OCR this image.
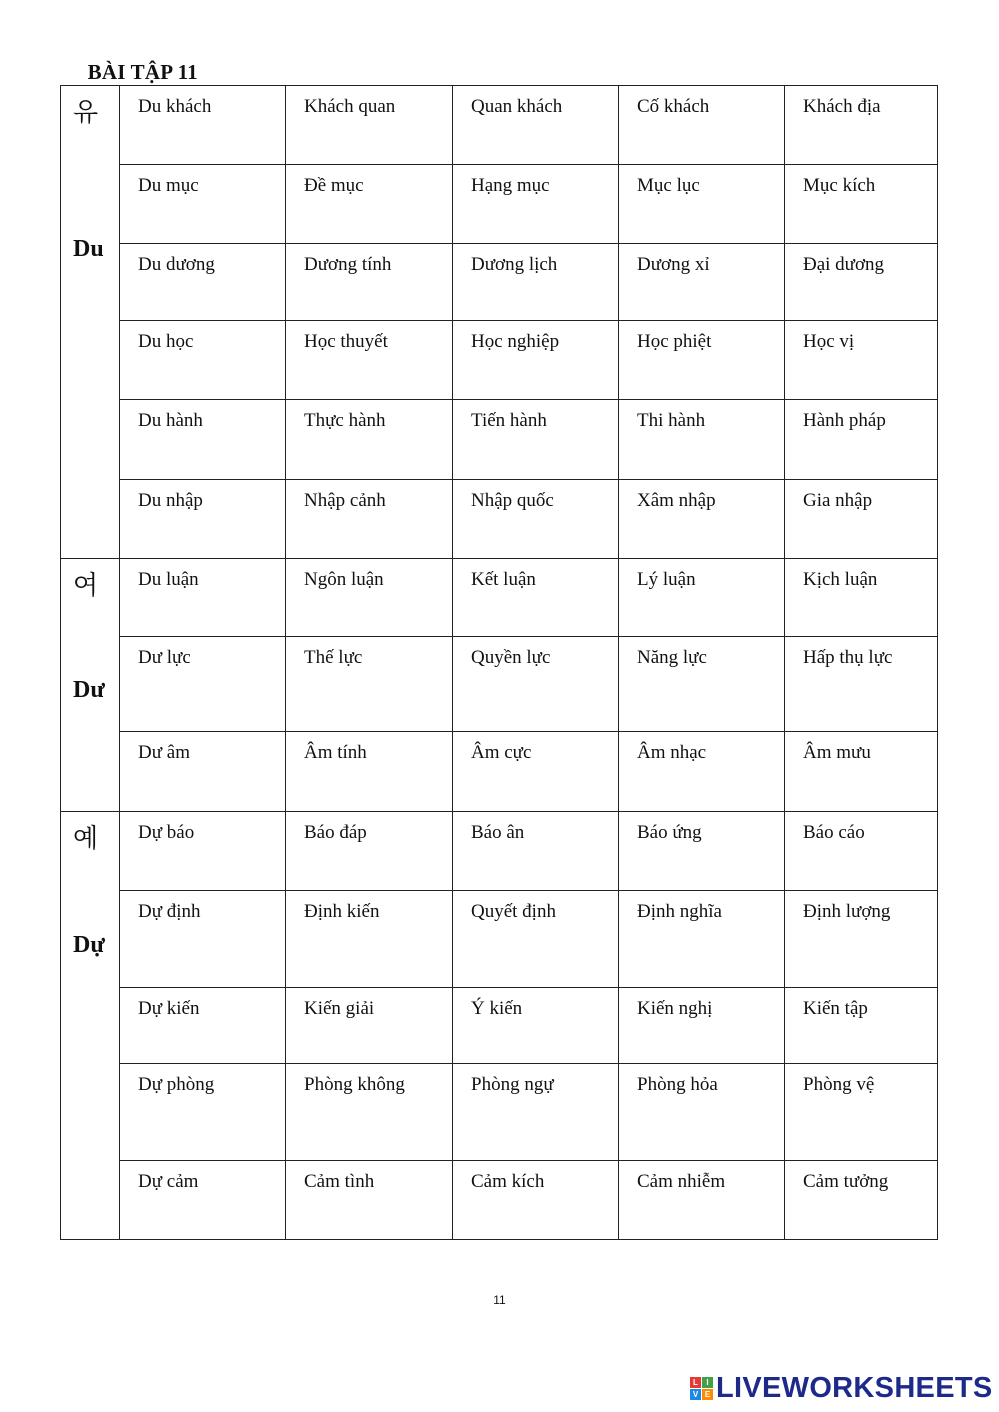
BÀI TẬP 11
유
Du	Du khách	Khách quan	Quan khách	Cố khách	Khách địa
	Du mục	Đề mục	Hạng mục	Mục lục	Mục kích
	Du dương	Dương tính	Dương lịch	Dương xỉ	Đại dương
	Du học	Học thuyết	Học nghiệp	Học phiệt	Học vị
	Du hành	Thực hành	Tiến hành	Thi hành	Hành pháp
	Du nhập	Nhập cảnh	Nhập quốc	Xâm nhập	Gia nhập

여
Dư	Du luận	Ngôn luận	Kết luận	Lý luận	Kịch luận
	Dư lực	Thế lực	Quyền lực	Năng lực	Hấp thụ lực
	Dư âm	Âm tính	Âm cực	Âm nhạc	Âm mưu

예
Dự	Dự báo	Báo đáp	Báo ân	Báo ứng	Báo cáo
	Dự định	Định kiến	Quyết định	Định nghĩa	Định lượng
	Dự kiến	Kiến giải	Ý kiến	Kiến nghị	Kiến tập
	Dự phòng	Phòng không	Phòng ngự	Phòng hỏa	Phòng vệ
	Dự cảm	Cảm tình	Cảm kích	Cảm nhiễm	Cảm tưởng
11
L	I
V E LIVEWORKSHEETS
